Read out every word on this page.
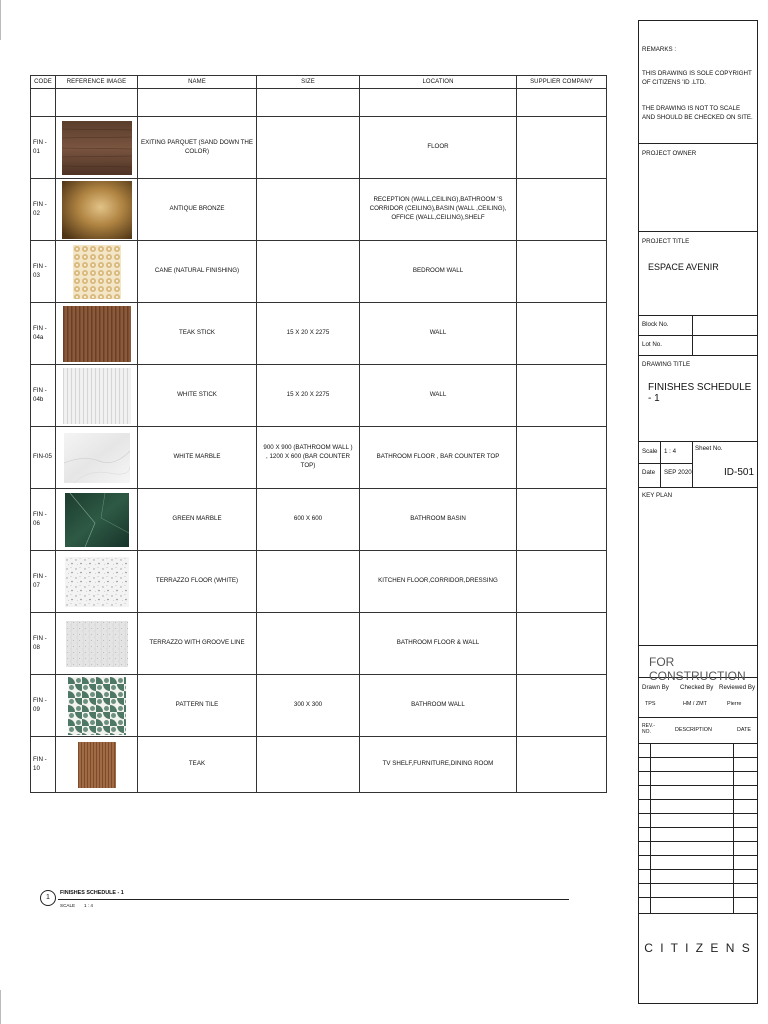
CODE	REFERENCE IMAGE	NAME	SIZE	LOCATION	SUPPLIER COMPANY

FIN - 01		EXITING PARQUET (SAND DOWN THE COLOR)		FLOOR	
FIN - 02		ANTIQUE BRONZE		RECEPTION (WALL,CEILING),BATHROOM 'S CORRIDOR (CEILING),BASIN (WALL ,CEILING), OFFICE (WALL,CEILING),SHELF	
FIN - 03		CANE (NATURAL FINISHING)		BEDROOM WALL	
FIN - 04a		TEAK STICK	15 X 20 X 2275	WALL	
FIN - 04b		WHITE STICK	15 X 20 X 2275	WALL	
FIN-05		WHITE MARBLE	900 X 900 (BATHROOM WALL ) , 1200 X 600 (BAR COUNTER TOP)	BATHROOM FLOOR , BAR COUNTER TOP	
FIN - 06		GREEN MARBLE	600 X 600	BATHROOM BASIN	
FIN - 07		TERRAZZO FLOOR (WHITE)		KITCHEN FLOOR,CORRIDOR,DRESSING	
FIN - 08		TERRAZZO WITH GROOVE LINE		BATHROOM FLOOR & WALL	
FIN - 09		PATTERN TILE	300 X 300	BATHROOM WALL	
FIN - 10		TEAK		TV SHELF,FURNITURE,DINING ROOM	
1
FINISHES SCHEDULE - 1
SCALE 1 : 4
REMARKS :
THIS DRAWING IS SOLE COPYRIGHT OF CITIZENS 'ID .LTD.
THE DRAWING IS NOT TO SCALE AND SHOULD BE CHECKED ON SITE.
PROJECT OWNER
PROJECT TITLE
ESPACE AVENIR
Block No.
Lot No.
DRAWING TITLE
FINISHES SCHEDULE - 1
Scale 1 : 4
Date SEP 2020
Sheet No.
ID-501
KEY PLAN
FOR CONSTRUCTION
Drawn By Checked By Reviewed By
TPS	HM / ZMT	Pierre
REV.- NO.	DESCRIPTION	DATE
C I T I Z E N S
